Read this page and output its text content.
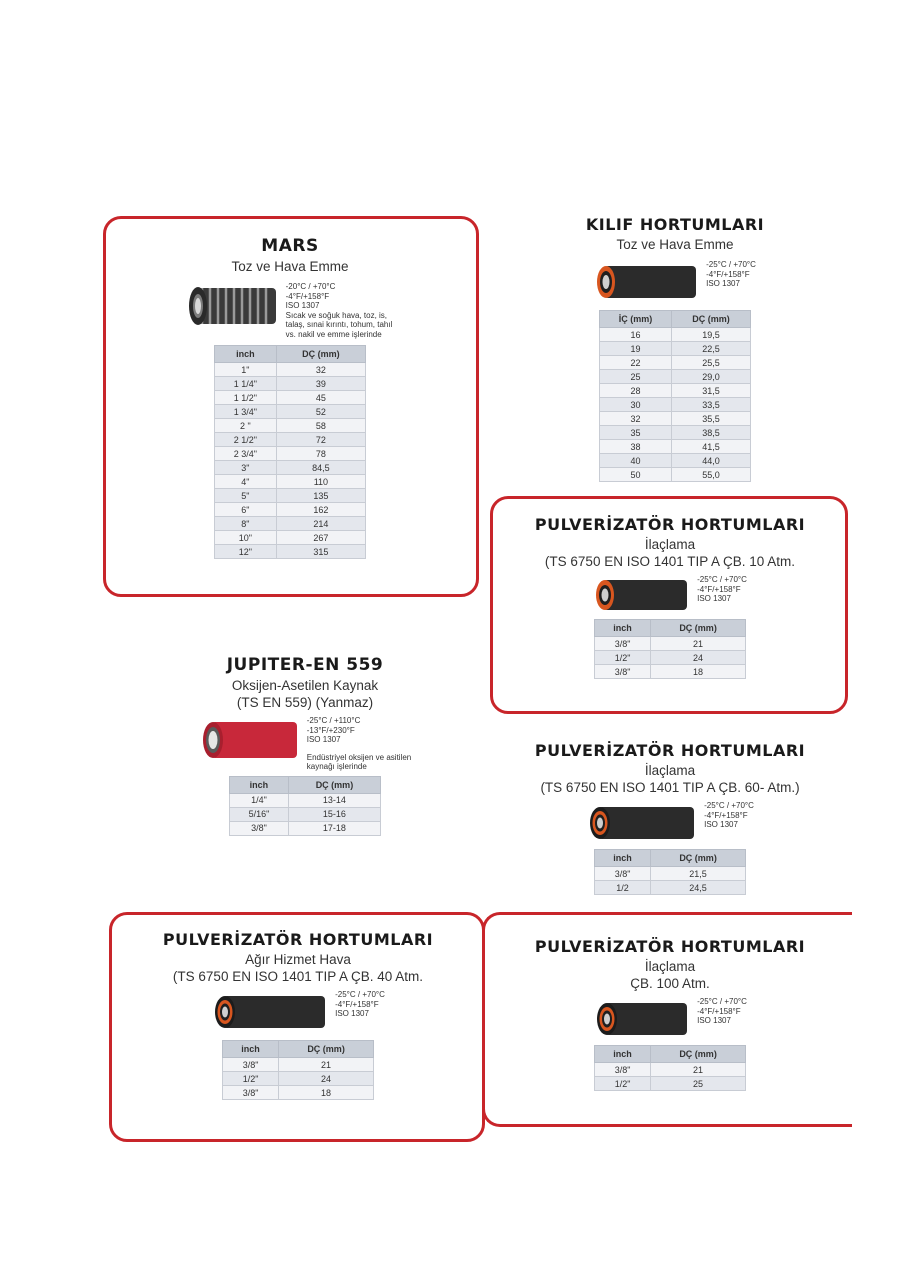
MARS
Toz ve Hava Emme
-20°C / +70°C
-4°F/+158°F
ISO 1307
Sıcak ve soğuk hava, toz, is,
talaş, sınai kırıntı, tohum, tahıl
vs. nakil ve emme işlerinde
inch	DÇ (mm)
1"	32
1 1/4"	39
1 1/2"	45
1 3/4"	52
2 "	58
2 1/2"	72
2 3/4"	78
3"	84,5
4"	110
5"	135
6"	162
8"	214
10"	267
12"	315
KILIF HORTUMLARI
Toz ve Hava Emme
-25°C / +70°C
-4°F/+158°F
ISO 1307
İÇ (mm)	DÇ (mm)
16	19,5
19	22,5
22	25,5
25	29,0
28	31,5
30	33,5
32	35,5
35	38,5
38	41,5
40	44,0
50	55,0
PULVERİZATÖR HORTUMLARI
İlaçlama
(TS 6750 EN ISO 1401 TIP A ÇB. 10 Atm.
-25°C / +70°C
-4°F/+158°F
ISO 1307
inch	DÇ (mm)
3/8"	21
1/2"	24
3/8"	18
JUPITER-EN 559
Oksijen-Asetilen Kaynak
(TS EN 559) (Yanmaz)
-25°C / +110°C
-13°F/+230°F
ISO 1307
Endüstriyel oksijen ve asitilen
kaynağı işlerinde
inch	DÇ (mm)
1/4"	13-14
5/16"	15-16
3/8"	17-18
PULVERİZATÖR HORTUMLARI
İlaçlama
(TS 6750 EN ISO 1401 TIP A ÇB. 60- Atm.)
-25°C / +70°C
-4°F/+158°F
ISO 1307
inch	DÇ (mm)
3/8"	21,5
1/2	24,5
PULVERİZATÖR HORTUMLARI
Ağır Hizmet Hava
(TS 6750 EN ISO 1401 TIP A ÇB. 40 Atm.
-25°C / +70°C
-4°F/+158°F
ISO 1307
inch	DÇ (mm)
3/8"	21
1/2"	24
3/8"	18
PULVERİZATÖR HORTUMLARI
İlaçlama
ÇB. 100 Atm.
-25°C / +70°C
-4°F/+158°F
ISO 1307
inch	DÇ (mm)
3/8"	21
1/2"	25
